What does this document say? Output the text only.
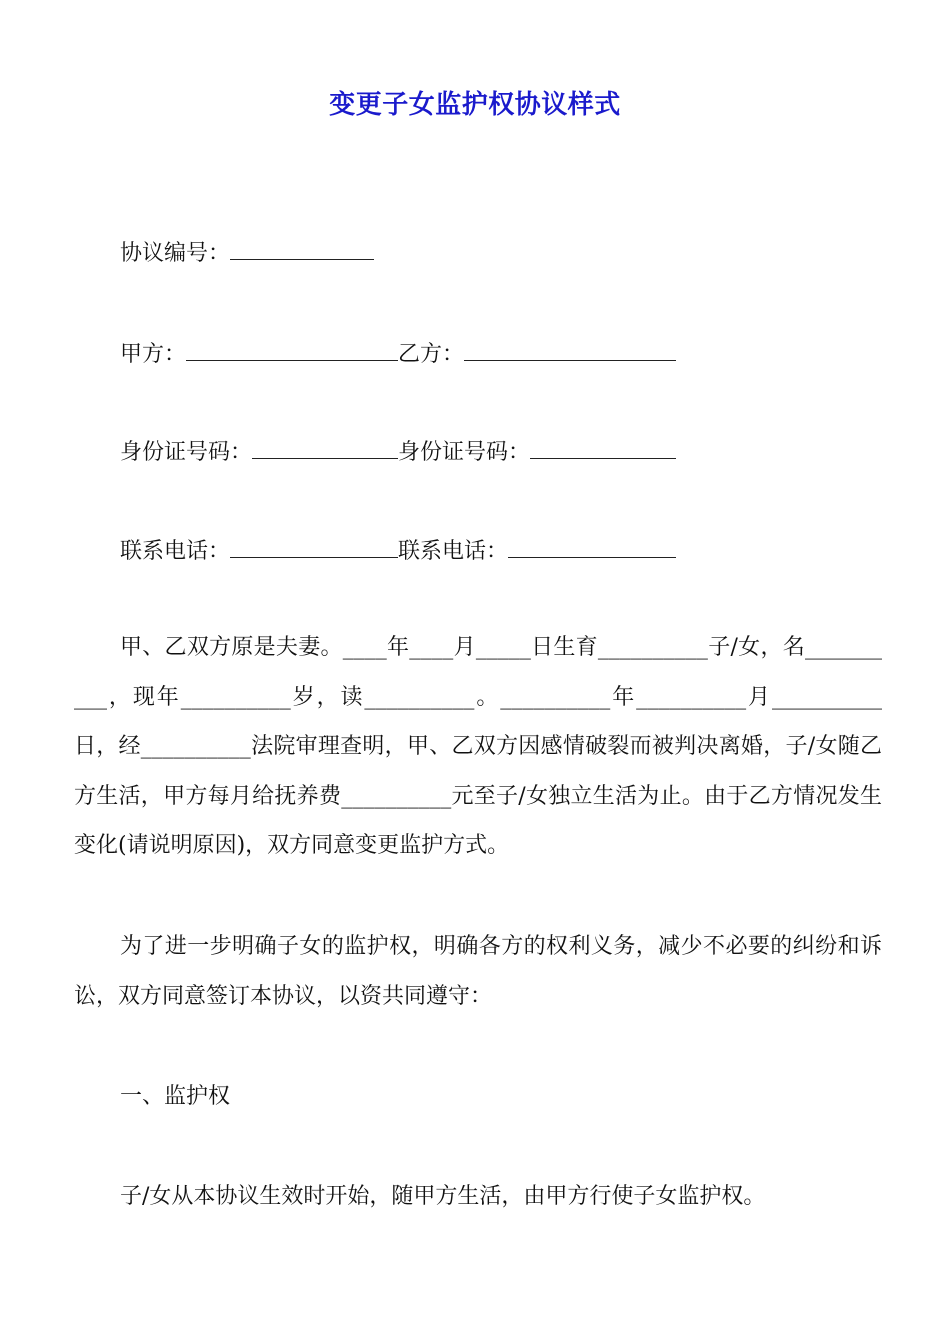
变更子女监护权协议样式
协议编号：
甲方：	乙方：
身份证号码：	身份证号码：
联系电话：	联系电话：
甲、乙双方原是夫妻。____年____月_____日生育__________子/女，名__________，现年__________岁，读__________。__________年__________月__________日，经__________法院审理查明，甲、乙双方因感情破裂而被判决离婚，子/女随乙方生活，甲方每月给抚养费__________元至子/女独立生活为止。由于乙方情况发生变化(请说明原因)，双方同意变更监护方式。
为了进一步明确子女的监护权，明确各方的权利义务，减少不必要的纠纷和诉讼，双方同意签订本协议，以资共同遵守：
一、监护权
子/女从本协议生效时开始，随甲方生活，由甲方行使子女监护权。
